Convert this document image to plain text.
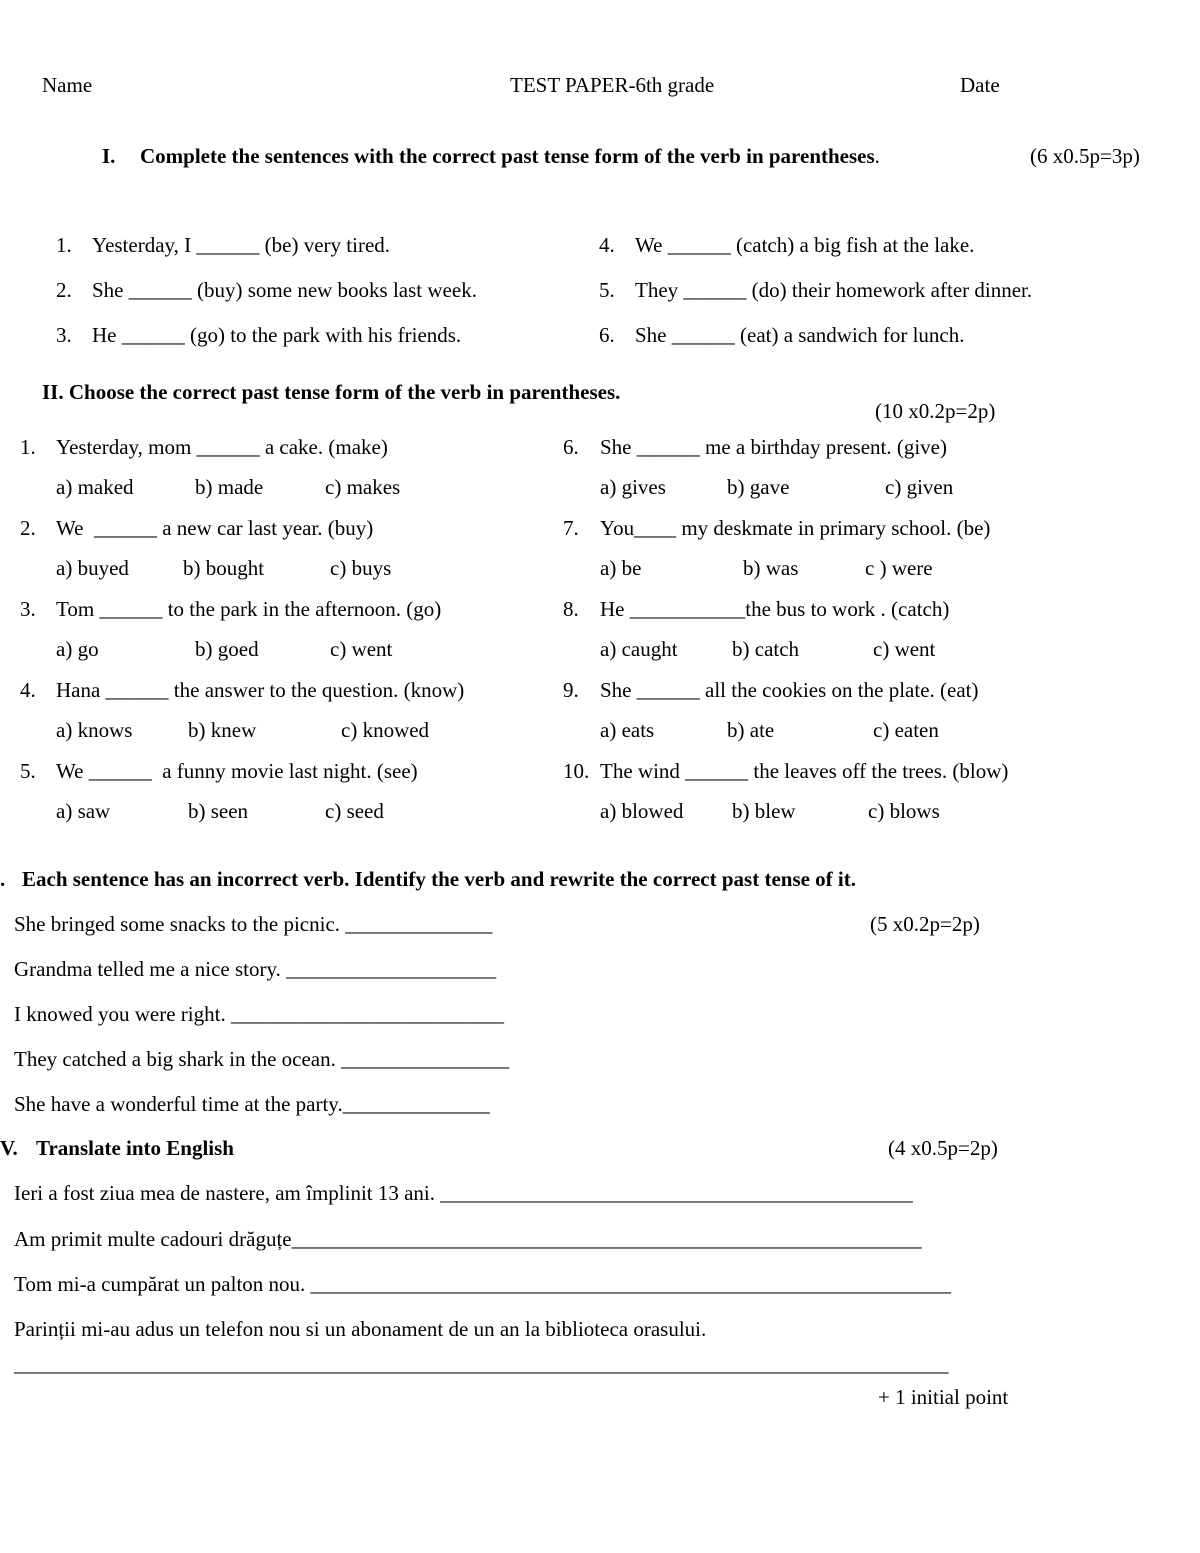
Name	TEST PAPER-6th grade	Date
I. Complete the sentences with the correct past tense form of the verb in parentheses.	(6 x0.5p=3p)
1. Yesterday, I ______ (be) very tired.
2. She ______ (buy) some new books last week.
3. He ______ (go) to the park with his friends.
4. We ______ (catch) a big fish at the lake.
5. They ______ (do) their homework after dinner.
6. She ______ (eat) a sandwich for lunch.
II. Choose the correct past tense form of the verb in parentheses.
(10 x0.2p=2p)
1. Yesterday, mom ______ a cake. (make)
a) maked	b) made	c) makes
2. We  ______ a new car last year. (buy)
a) buyed	b) bought	c) buys
3. Tom ______ to the park in the afternoon. (go)
a) go	b) goed	c) went
4. Hana ______ the answer to the question. (know)
a) knows	b) knew	c) knowed
5. We ______  a funny movie last night. (see)
a) saw	b) seen	c) seed
6. She ______ me a birthday present. (give)
a) gives	b) gave	c) given
7. You____ my deskmate in primary school. (be)
a) be	b) was	c ) were
8. He ___________the bus to work . (catch)
a) caught	b) catch	c) went
9. She ______ all the cookies on the plate. (eat)
a) eats	b) ate	c) eaten
10. The wind ______ the leaves off the trees. (blow)
a) blowed b) blew	c) blows
. Each sentence has an incorrect verb. Identify the verb and rewrite the correct past tense of it.
(5 x0.2p=2p)
She bringed some snacks to the picnic. ______________
Grandma telled me a nice story. ____________________
I knowed you were right. __________________________
They catched a big shark in the ocean. ________________
She have a wonderful time at the party.______________
V. Translate into English	(4 x0.5p=2p)
Ieri a fost ziua mea de nastere, am împlinit 13 ani. _____________________________________________
Am primit multe cadouri drăguțe____________________________________________________________
Tom mi-a cumpărat un palton nou. _____________________________________________________________
Parinții mi-au adus un telefon nou si un abonament de un an la biblioteca orasului.
_________________________________________________________________________________________
+ 1 initial point
